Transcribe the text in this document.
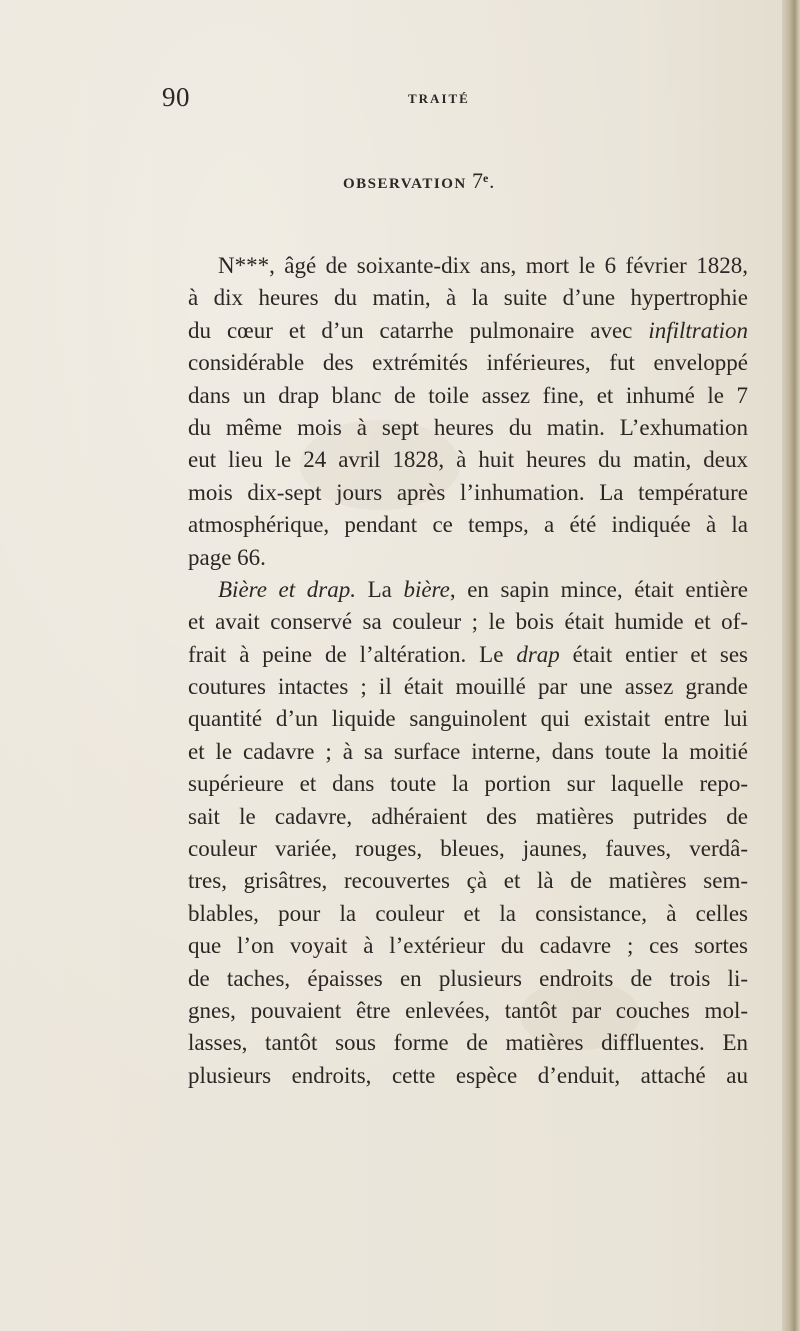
90	TRAITÉ
OBSERVATION 7e.
N***, âgé de soixante-dix ans, mort le 6 février 1828,
à dix heures du matin, à la suite d’une hypertrophie
du cœur et d’un catarrhe pulmonaire avec infiltration
considérable des extrémités inférieures, fut enveloppé
dans un drap blanc de toile assez fine, et inhumé le 7
du même mois à sept heures du matin. L’exhumation
eut lieu le 24 avril 1828, à huit heures du matin, deux
mois dix-sept jours après l’inhumation. La température
atmosphérique, pendant ce temps, a été indiquée à la
page 66.
Bière et drap. La bière, en sapin mince, était entière
et avait conservé sa couleur ; le bois était humide et of-
frait à peine de l’altération. Le drap était entier et ses
coutures intactes ; il était mouillé par une assez grande
quantité d’un liquide sanguinolent qui existait entre lui
et le cadavre ; à sa surface interne, dans toute la moitié
supérieure et dans toute la portion sur laquelle repo-
sait le cadavre, adhéraient des matières putrides de
couleur variée, rouges, bleues, jaunes, fauves, verdâ-
tres, grisâtres, recouvertes çà et là de matières sem-
blables, pour la couleur et la consistance, à celles
que l’on voyait à l’extérieur du cadavre ; ces sortes
de taches, épaisses en plusieurs endroits de trois li-
gnes, pouvaient être enlevées, tantôt par couches mol-
lasses, tantôt sous forme de matières diffluentes. En
plusieurs endroits, cette espèce d’enduit, attaché au
